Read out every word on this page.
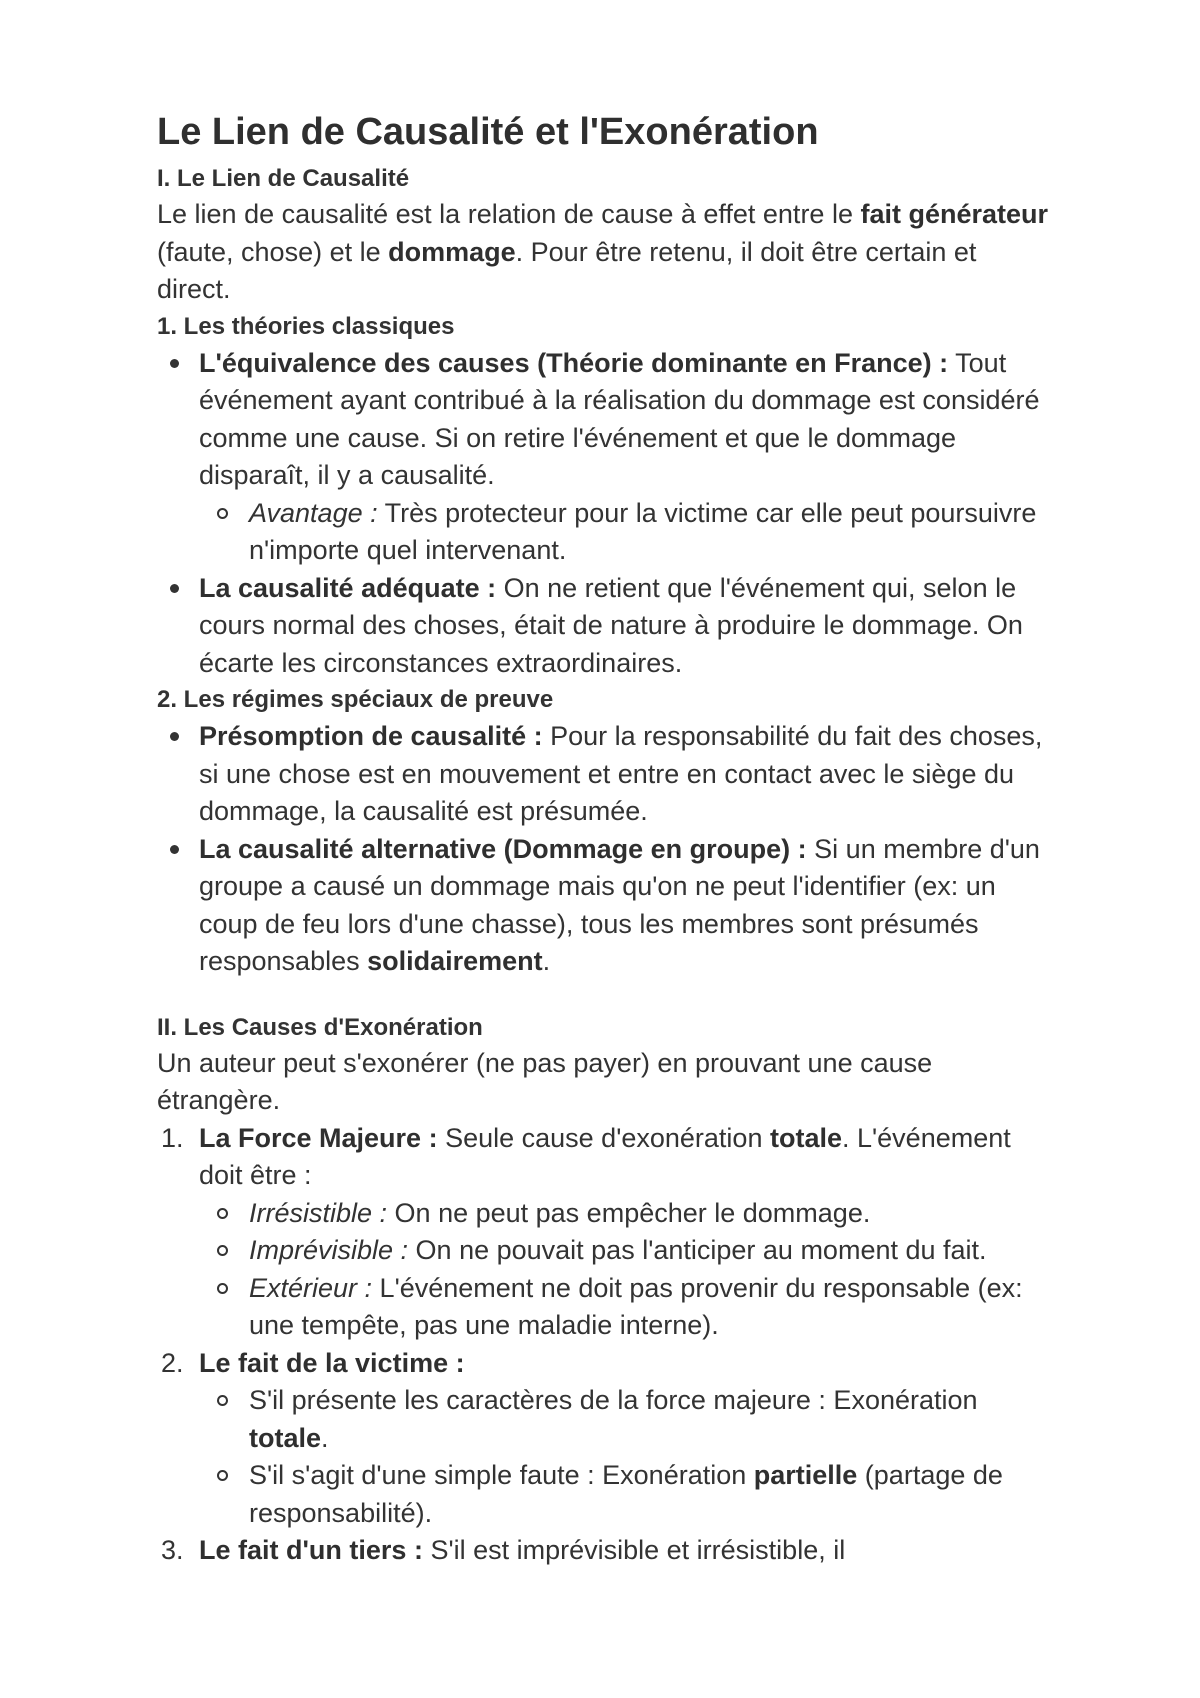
Le Lien de Causalité et l'Exonération
I. Le Lien de Causalité

Le lien de causalité est la relation de cause à effet entre le fait générateur (faute, chose) et le dommage. Pour être retenu, il doit être certain et direct.

1. Les théories classiques
L'équivalence des causes (Théorie dominante en France) : Tout événement ayant contribué à la réalisation du dommage est considéré comme une cause. Si on retire l'événement et que le dommage disparaît, il y a causalité.
Avantage : Très protecteur pour la victime car elle peut poursuivre n'importe quel intervenant.
La causalité adéquate : On ne retient que l'événement qui, selon le cours normal des choses, était de nature à produire le dommage. On écarte les circonstances extraordinaires.
2. Les régimes spéciaux de preuve
Présomption de causalité : Pour la responsabilité du fait des choses, si une chose est en mouvement et entre en contact avec le siège du dommage, la causalité est présumée.
La causalité alternative (Dommage en groupe) : Si un membre d'un groupe a causé un dommage mais qu'on ne peut l'identifier (ex: un coup de feu lors d'une chasse), tous les membres sont présumés responsables solidairement.
II. Les Causes d'Exonération

Un auteur peut s'exonérer (ne pas payer) en prouvant une cause étrangère.

1. La Force Majeure : Seule cause d'exonération totale. L'événement doit être :
Irrésistible : On ne peut pas empêcher le dommage.
Imprévisible : On ne pouvait pas l'anticiper au moment du fait.
Extérieur : L'événement ne doit pas provenir du responsable (ex: une tempête, pas une maladie interne).
2. Le fait de la victime :
S'il présente les caractères de la force majeure : Exonération totale.
S'il s'agit d'une simple faute : Exonération partielle (partage de responsabilité).
3. Le fait d'un tiers : S'il est imprévisible et irrésistible, il
